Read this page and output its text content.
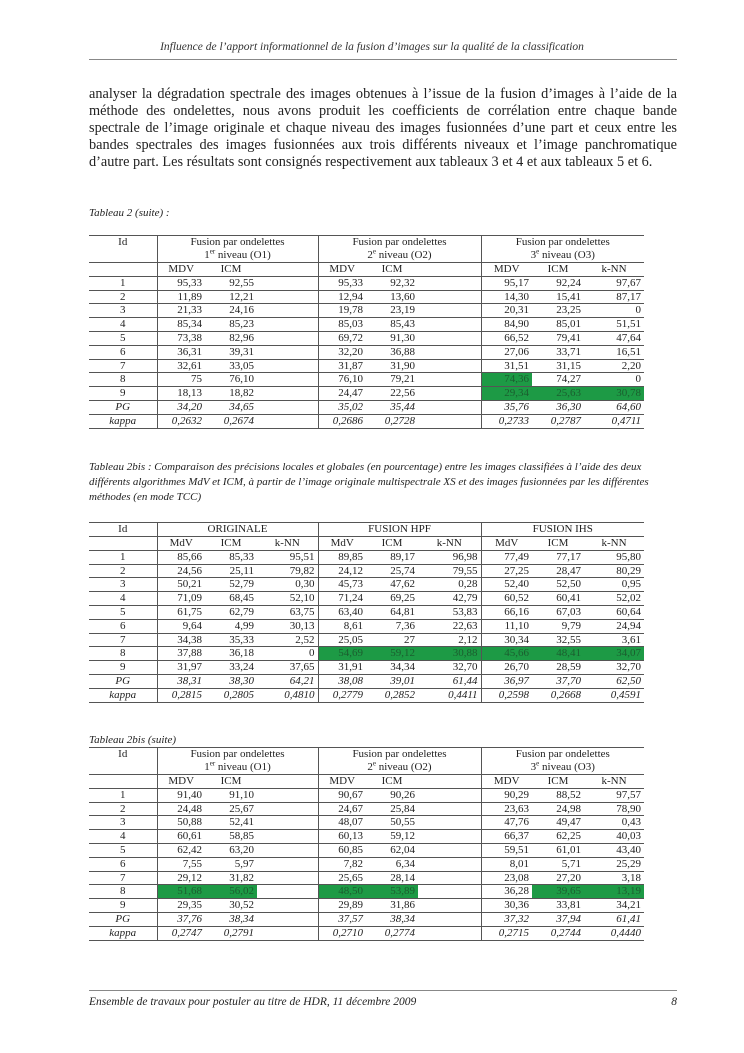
Influence de l’apport informationnel de la fusion d’images sur la qualité de la classification

analyser la dégradation spectrale des images obtenues à l’issue de la fusion d’images à l’aide de la méthode des ondelettes, nous avons produit les coefficients de corrélation entre chaque bande spectrale de l’image originale et chaque niveau des images fusionnées d’une part et ceux entre les bandes spectrales des images fusionnées aux trois différents niveaux et l’image panchromatique d’autre part. Les résultats sont consignés respectivement aux tableaux 3 et 4 et aux tableaux 5 et 6.

Tableau 2 (suite) :

Id	Fusion par ondelettes
1er niveau (O1)			Fusion par ondelettes
2e niveau (O2)			Fusion par ondelettes
3e niveau (O3)		
	MDV	ICM		MDV	ICM		MDV	ICM	k-NN
1	95,33	92,55		95,33	92,32		95,17	92,24	97,67
2	11,89	12,21		12,94	13,60		14,30	15,41	87,17
3	21,33	24,16		19,78	23,19		20,31	23,25	0
4	85,34	85,23		85,03	85,43		84,90	85,01	51,51
5	73,38	82,96		69,72	91,30		66,52	79,41	47,64
6	36,31	39,31		32,20	36,88		27,06	33,71	16,51
7	32,61	33,05		31,87	31,90		31,51	31,15	2,20
8	75	76,10		76,10	79,21		74,36	74,27	0
9	18,13	18,82		24,47	22,56		29,34	25,63	30,78
PG	34,20	34,65		35,02	35,44		35,76	36,30	64,60
kappa	0,2632	0,2674		0,2686	0,2728		0,2733	0,2787	0,4711

Tableau 2bis : Comparaison des précisions locales et globales (en pourcentage) entre les images classifiées à l’aide des deux différents algorithmes MdV et ICM, à partir de l’image originale multispectrale XS et des images fusionnées par les différentes méthodes (en mode TCC)

Id	ORIGINALE			FUSION HPF			FUSION IHS		
	MdV	ICM	k-NN	MdV	ICM	k-NN	MdV	ICM	k-NN
1	85,66	85,33	95,51	89,85	89,17	96,98	77,49	77,17	95,80
2	24,56	25,11	79,82	24,12	25,74	79,55	27,25	28,47	80,29
3	50,21	52,79	0,30	45,73	47,62	0,28	52,40	52,50	0,95
4	71,09	68,45	52,10	71,24	69,25	42,79	60,52	60,41	52,02
5	61,75	62,79	63,75	63,40	64,81	53,83	66,16	67,03	60,64
6	9,64	4,99	30,13	8,61	7,36	22,63	11,10	9,79	24,94
7	34,38	35,33	2,52	25,05	27	2,12	30,34	32,55	3,61
8	37,88	36,18	0	54,69	59,12	30,88	45,66	48,41	34,07
9	31,97	33,24	37,65	31,91	34,34	32,70	26,70	28,59	32,70
PG	38,31	38,30	64,21	38,08	39,01	61,44	36,97	37,70	62,50
kappa	0,2815	0,2805	0,4810	0,2779	0,2852	0,4411	0,2598	0,2668	0,4591

Tableau 2bis (suite)

Id	Fusion par ondelettes
1er niveau (O1)			Fusion par ondelettes
2e niveau (O2)			Fusion par ondelettes
3e niveau (O3)		
	MDV	ICM		MDV	ICM		MDV	ICM	k-NN
1	91,40	91,10		90,67	90,26		90,29	88,52	97,57
2	24,48	25,67		24,67	25,84		23,63	24,98	78,90
3	50,88	52,41		48,07	50,55		47,76	49,47	0,43
4	60,61	58,85		60,13	59,12		66,37	62,25	40,03
5	62,42	63,20		60,85	62,04		59,51	61,01	43,40
6	7,55	5,97		7,82	6,34		8,01	5,71	25,29
7	29,12	31,82		25,65	28,14		23,08	27,20	3,18
8	51,68	56,02		48,50	53,89		36,28	39,65	13,19
9	29,35	30,52		29,89	31,86		30,36	33,81	34,21
PG	37,76	38,34		37,57	38,34		37,32	37,94	61,41
kappa	0,2747	0,2791		0,2710	0,2774		0,2715	0,2744	0,4440
Ensemble de travaux pour postuler au titre de HDR, 11 décembre 2009	8
